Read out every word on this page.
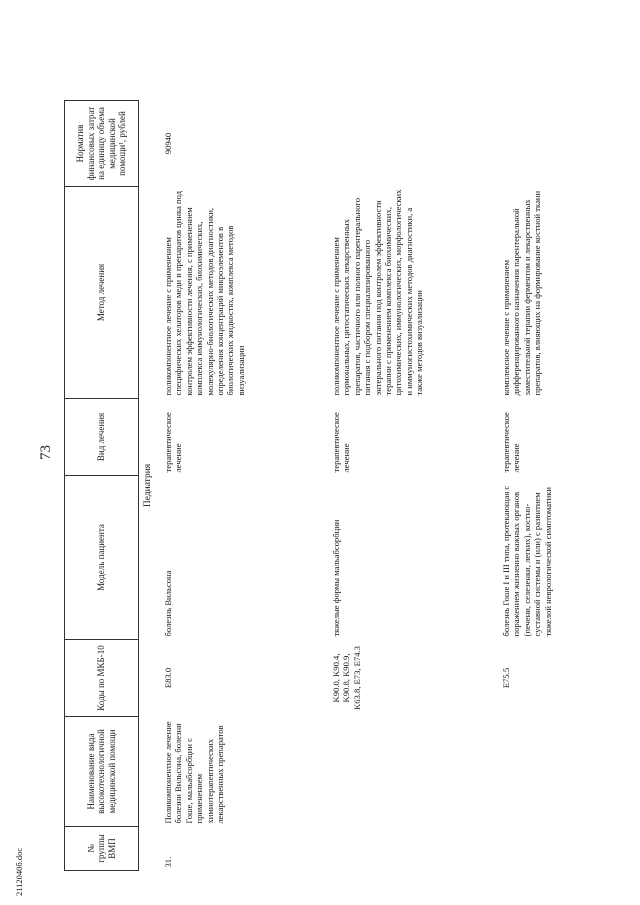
2112040б.doc
73
№ группы ВМП	Наименование вида высокотехнологичной медицинской помощи	Коды по МКБ-10	Модель пациента	Вид лечения	Метод лечения	Норматив финансовых затрат на единицу объема медицинской помощи¹, рублей
Педиатрия						
31.	Поликомпонентное лечение болезни Вильсона, болезни Гоше, мальабсорбции с применением химиотерапевтических лекарственных препаратов	E83.0	болезнь Вильсона	терапевтическое лечение	поликомпонентное лечение с применением специфических хелаторов меди и препаратов цинка под контролем эффективности лечения, с применением комплекса иммунологических, биохимических, молекулярно-биологических методов диагностики, определения концентраций микроэлементов в биологических жидкостях, комплекса методов визуализации	90940
		K90.0, K90.4, K90.8, K90.9, K63.8, E73, E74.3	тяжелые формы мальабсорбции	терапевтическое лечение	поликомпонентное лечение с применением гормональных, цитостатических лекарственных препаратов, частичного или полного парентерального питания с подбором специализированного энтерального питания под контролем эффективности терапии с применением комплекса биохимических, цитохимических, иммунологических, морфологических и иммуногистохимических методов диагностики, а также методов визуализации	
		E75.5	болезнь Гоше I и III типа, протекающая с поражением жизненно важных органов (печени, селезенки, легких), костно-суставной системы и (или) с развитием тяжелой неврологической симптоматики	терапевтическое лечение	комплексное лечение с применением дифференцированного назначения парентеральной заместительной терапии ферментом и лекарственных препаратов, влияющих на формирование костной ткани	
